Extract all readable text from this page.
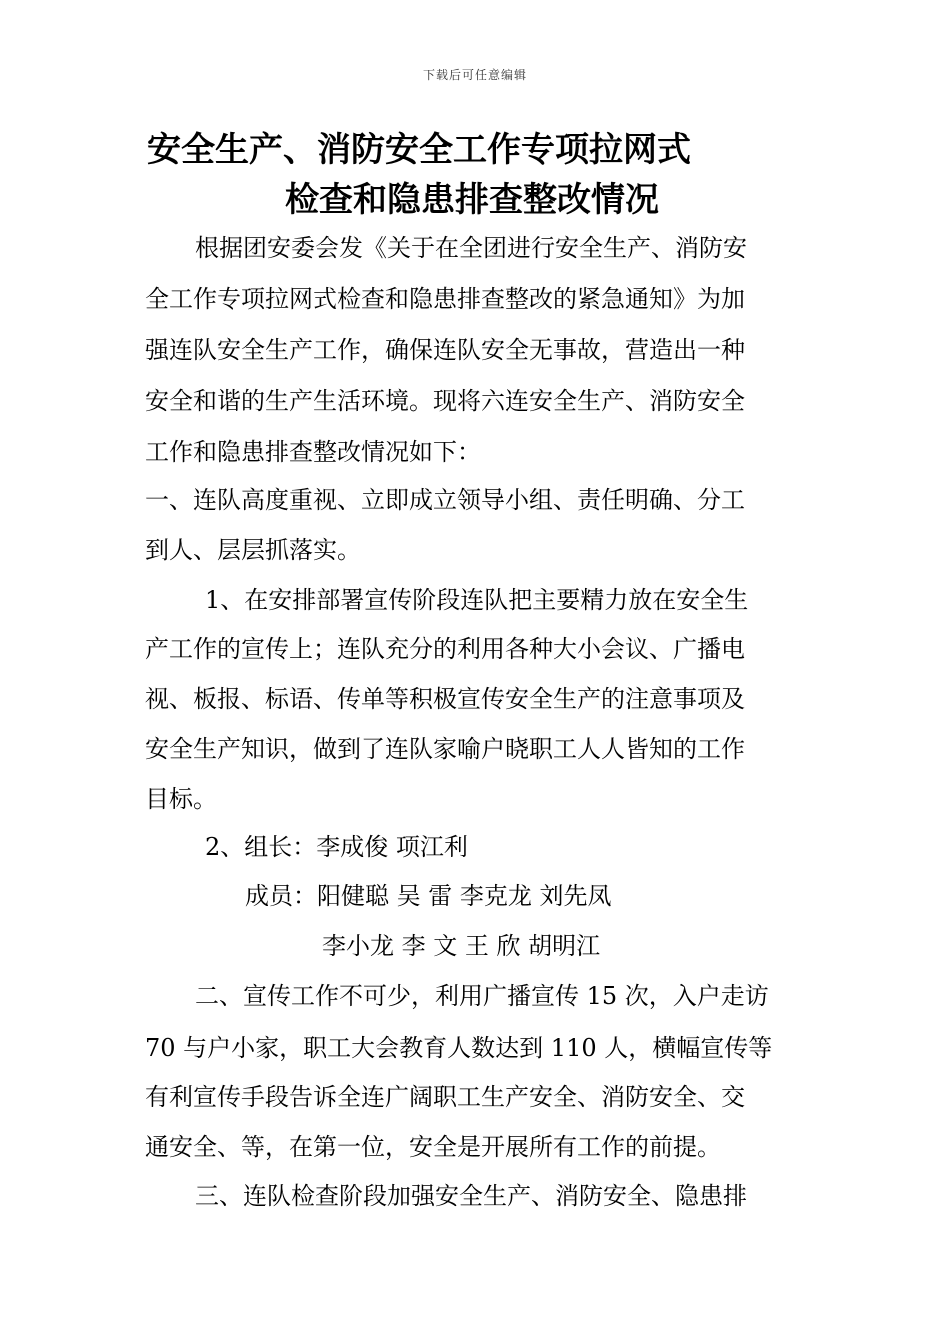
下载后可任意编辑
安全生产、消防安全工作专项拉网式
检查和隐患排查整改情况
根据团安委会发《关于在全团进行安全生产、消防安
全工作专项拉网式检查和隐患排查整改的紧急通知》为加
强连队安全生产工作，确保连队安全无事故，营造出一种
安全和谐的生产生活环境。现将六连安全生产、消防安全
工作和隐患排查整改情况如下：
一、连队高度重视、立即成立领导小组、责任明确、分工
到人、层层抓落实。
1、在安排部署宣传阶段连队把主要精力放在安全生
产工作的宣传上；连队充分的利用各种大小会议、广播电
视、板报、标语、传单等积极宣传安全生产的注意事项及
安全生产知识，做到了连队家喻户晓职工人人皆知的工作
目标。
2、组长：李成俊 项江利
成员：阳健聪 吴 雷 李克龙 刘先凤
李小龙 李 文 王 欣 胡明江
二、宣传工作不可少，利用广播宣传 15 次，入户走访
70 与户小家，职工大会教育人数达到 110 人，横幅宣传等
有利宣传手段告诉全连广阔职工生产安全、消防安全、交
通安全、等，在第一位，安全是开展所有工作的前提。
三、连队检查阶段加强安全生产、消防安全、隐患排
